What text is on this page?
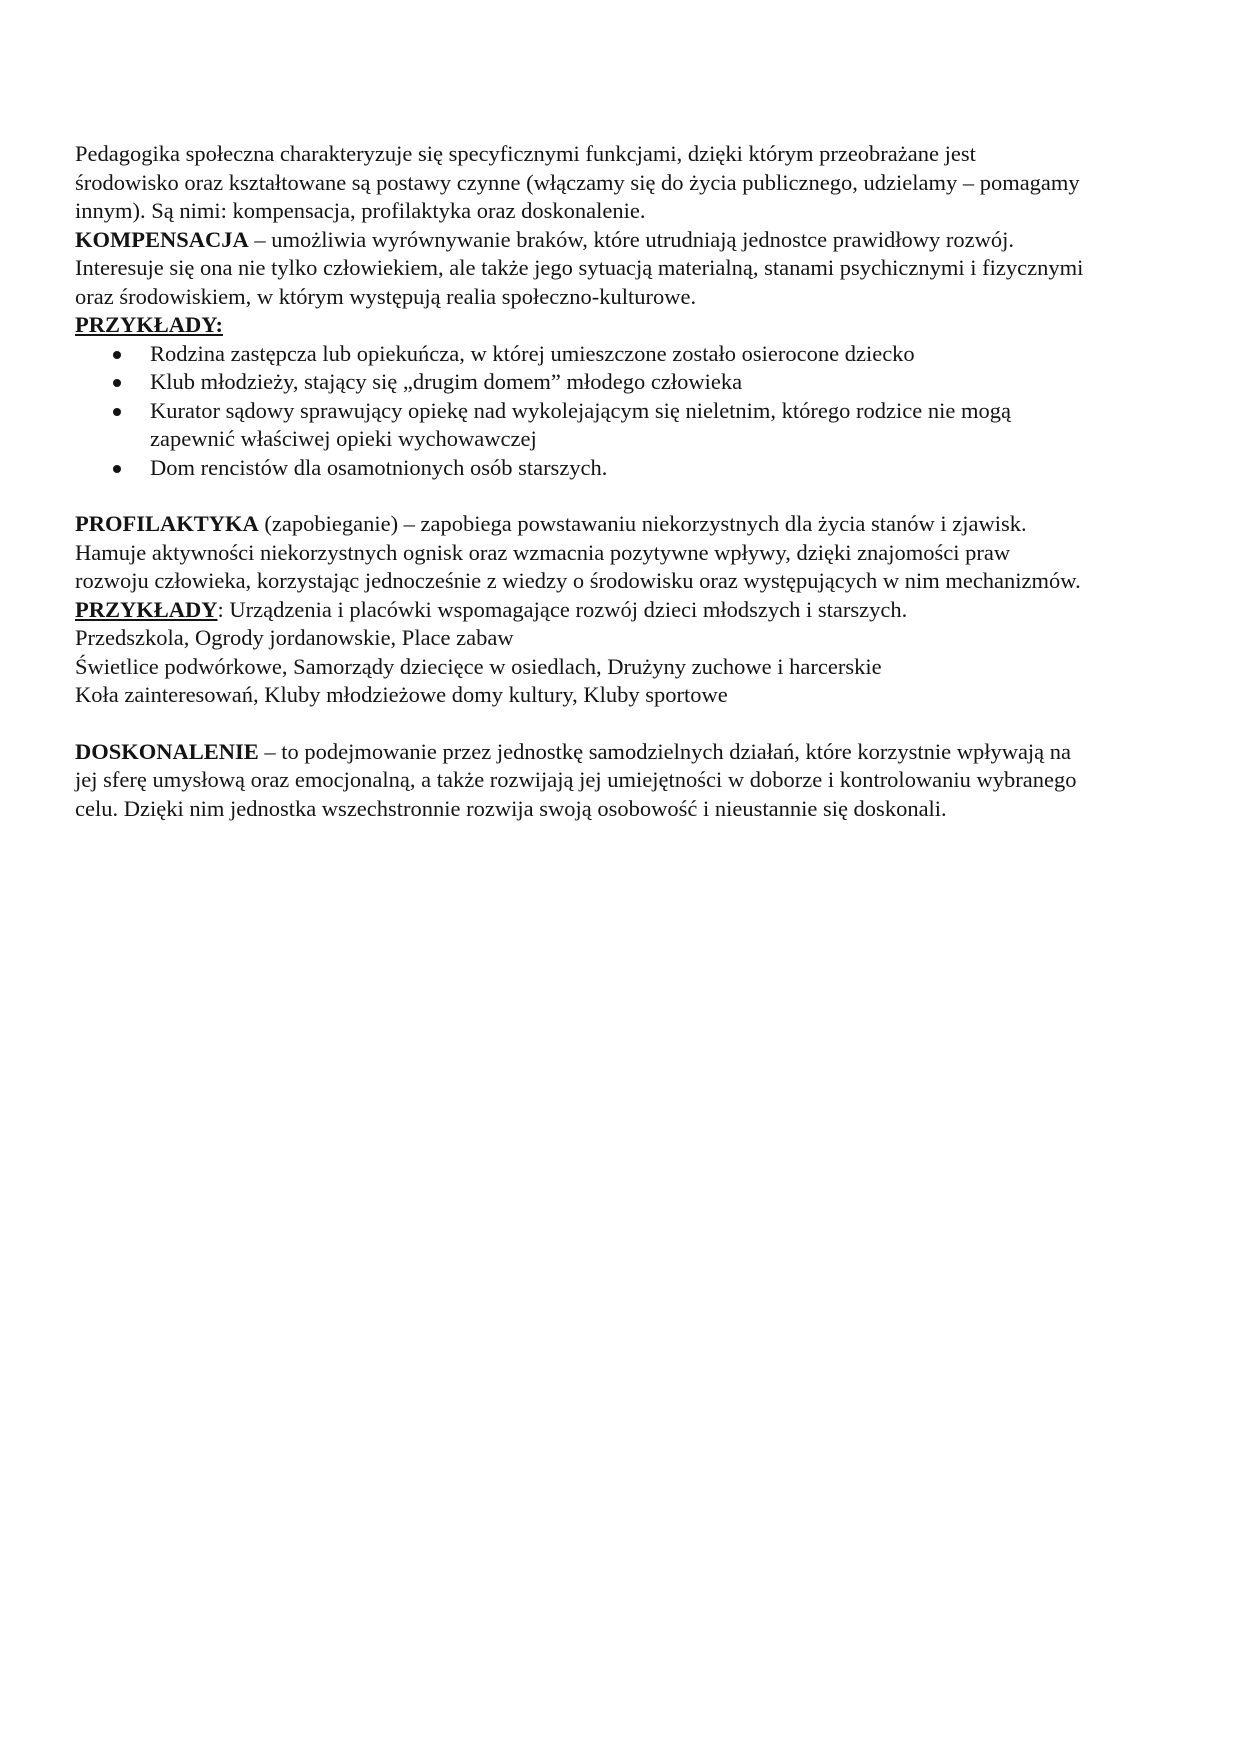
Pedagogika społeczna charakteryzuje się specyficznymi funkcjami, dzięki którym przeobrażane jest środowisko oraz kształtowane są postawy czynne (włączamy się do życia publicznego, udzielamy – pomagamy innym). Są nimi: kompensacja, profilaktyka oraz doskonalenie.

KOMPENSACJA – umożliwia wyrównywanie braków, które utrudniają jednostce prawidłowy rozwój. Interesuje się ona nie tylko człowiekiem, ale także jego sytuacją materialną, stanami psychicznymi i fizycznymi oraz środowiskiem, w którym występują realia społeczno-kulturowe.

PRZYKŁADY:

Rodzina zastępcza lub opiekuńcza, w której umieszczone zostało osierocone dziecko
Klub młodzieży, stający się „drugim domem” młodego człowieka
Kurator sądowy sprawujący opiekę nad wykolejającym się nieletnim, którego rodzice nie mogą zapewnić właściwej opieki wychowawczej
Dom rencistów dla osamotnionych osób starszych.

PROFILAKTYKA (zapobieganie) – zapobiega powstawaniu niekorzystnych dla życia stanów i zjawisk. Hamuje aktywności niekorzystnych ognisk oraz wzmacnia pozytywne wpływy, dzięki znajomości praw rozwoju człowieka, korzystając jednocześnie z wiedzy o środowisku oraz występujących w nim mechanizmów.

PRZYKŁADY: Urządzenia i placówki wspomagające rozwój dzieci młodszych i starszych.

Przedszkola, Ogrody jordanowskie, Place zabaw

Świetlice podwórkowe, Samorządy dziecięce w osiedlach, Drużyny zuchowe i harcerskie

Koła zainteresowań, Kluby młodzieżowe domy kultury, Kluby sportowe

DOSKONALENIE – to podejmowanie przez jednostkę samodzielnych działań, które korzystnie wpływają na jej sferę umysłową oraz emocjonalną, a także rozwijają jej umiejętności w doborze i kontrolowaniu wybranego celu. Dzięki nim jednostka wszechstronnie rozwija swoją osobowość i nieustannie się doskonali.
